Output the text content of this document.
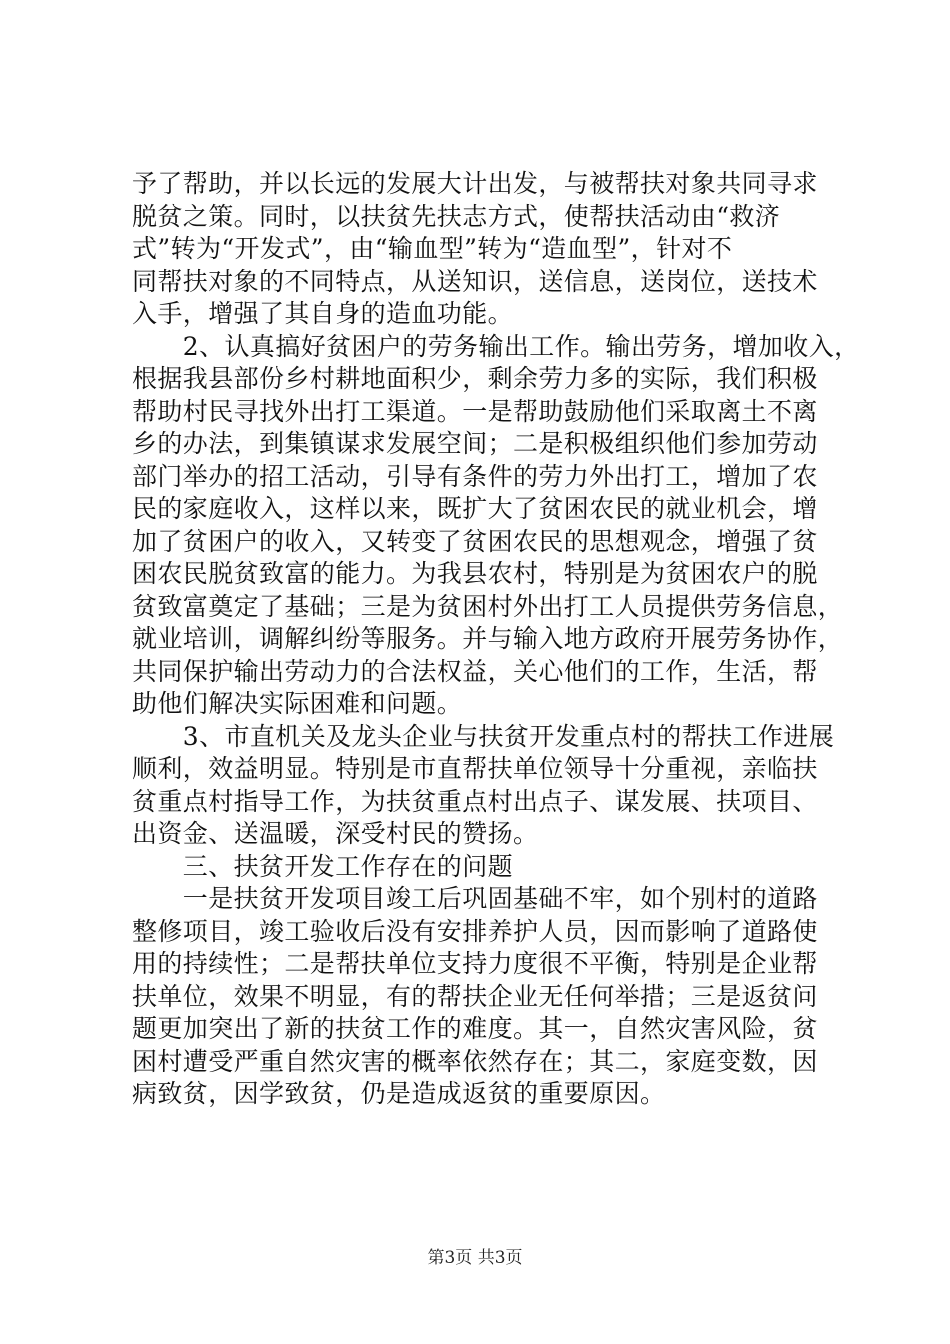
予了帮助，并以长远的发展大计出发，与被帮扶对象共同寻求
脱贫之策。同时，以扶贫先扶志方式，使帮扶活动由“救济
式”转为“开发式”，由“输血型”转为“造血型”，针对不
同帮扶对象的不同特点，从送知识，送信息，送岗位，送技术
入手，增强了其自身的造血功能。
　　2、认真搞好贫困户的劳务输出工作。输出劳务，增加收入，
根据我县部份乡村耕地面积少，剩余劳力多的实际，我们积极
帮助村民寻找外出打工渠道。一是帮助鼓励他们采取离土不离
乡的办法，到集镇谋求发展空间；二是积极组织他们参加劳动
部门举办的招工活动，引导有条件的劳力外出打工，增加了农
民的家庭收入，这样以来，既扩大了贫困农民的就业机会，增
加了贫困户的收入，又转变了贫困农民的思想观念，增强了贫
困农民脱贫致富的能力。为我县农村，特别是为贫困农户的脱
贫致富奠定了基础；三是为贫困村外出打工人员提供劳务信息，
就业培训，调解纠纷等服务。并与输入地方政府开展劳务协作，
共同保护输出劳动力的合法权益，关心他们的工作，生活，帮
助他们解决实际困难和问题。
　　3、市直机关及龙头企业与扶贫开发重点村的帮扶工作进展
顺利，效益明显。特别是市直帮扶单位领导十分重视，亲临扶
贫重点村指导工作，为扶贫重点村出点子、谋发展、扶项目、
出资金、送温暖，深受村民的赞扬。
　　三、扶贫开发工作存在的问题
　　一是扶贫开发项目竣工后巩固基础不牢，如个别村的道路
整修项目，竣工验收后没有安排养护人员，因而影响了道路使
用的持续性；二是帮扶单位支持力度很不平衡，特别是企业帮
扶单位，效果不明显，有的帮扶企业无任何举措；三是返贫问
题更加突出了新的扶贫工作的难度。其一，自然灾害风险，贫
困村遭受严重自然灾害的概率依然存在；其二，家庭变数，因
病致贫，因学致贫，仍是造成返贫的重要原因。
第3页 共3页
